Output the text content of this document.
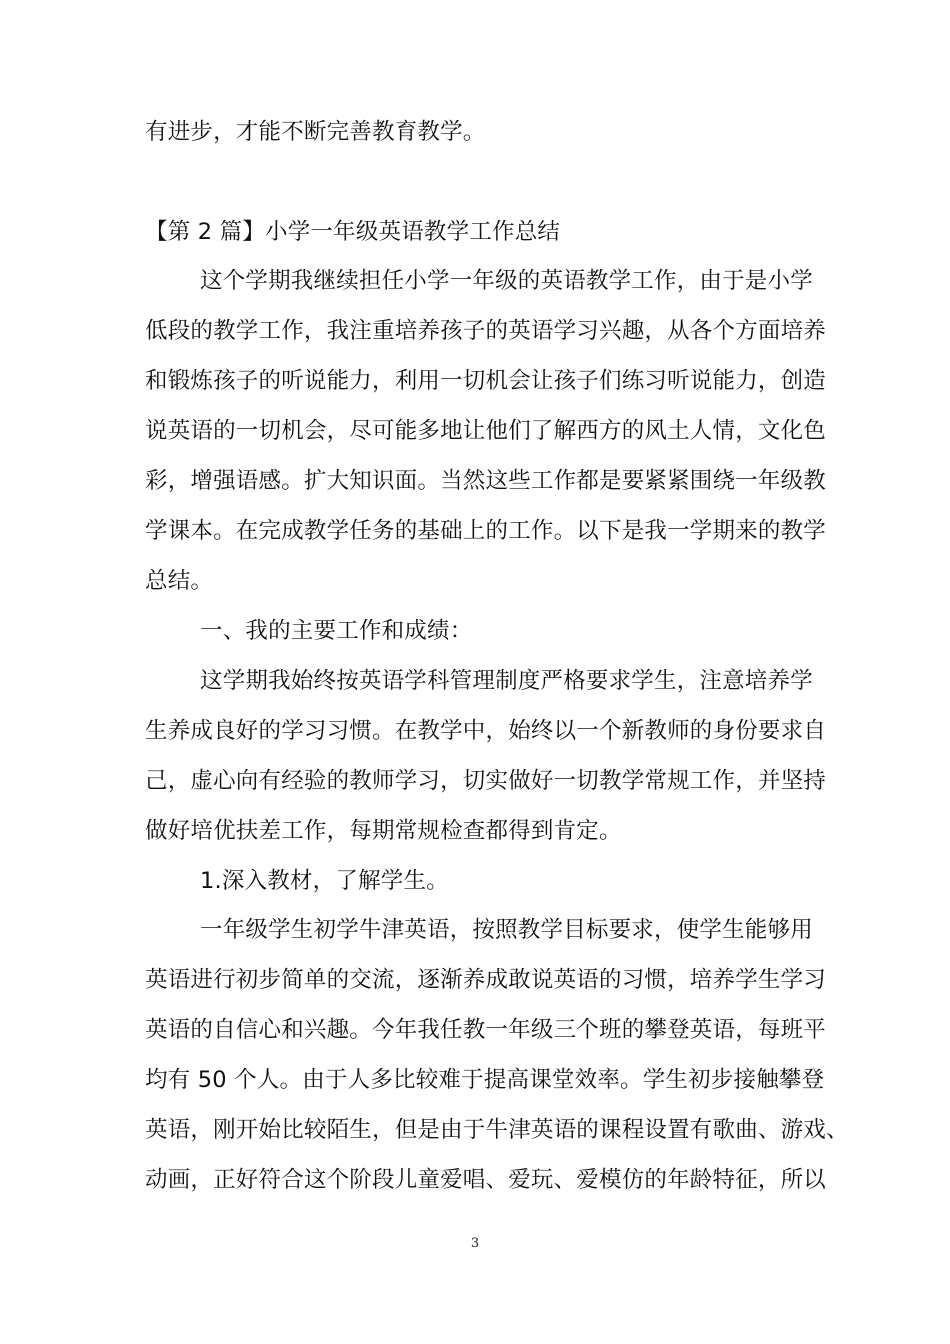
有进步，才能不断完善教育教学。
【第 2 篇】小学一年级英语教学工作总结
这个学期我继续担任小学一年级的英语教学工作，由于是小学
低段的教学工作，我注重培养孩子的英语学习兴趣，从各个方面培养
和锻炼孩子的听说能力，利用一切机会让孩子们练习听说能力，创造
说英语的一切机会，尽可能多地让他们了解西方的风土人情，文化色
彩，增强语感。扩大知识面。当然这些工作都是要紧紧围绕一年级教
学课本。在完成教学任务的基础上的工作。以下是我一学期来的教学
总结。
一、我的主要工作和成绩：
这学期我始终按英语学科管理制度严格要求学生，注意培养学
生养成良好的学习习惯。在教学中，始终以一个新教师的身份要求自
己，虚心向有经验的教师学习，切实做好一切教学常规工作，并坚持
做好培优扶差工作，每期常规检查都得到肯定。
1.深入教材，了解学生。
一年级学生初学牛津英语，按照教学目标要求，使学生能够用
英语进行初步简单的交流，逐渐养成敢说英语的习惯，培养学生学习
英语的自信心和兴趣。今年我任教一年级三个班的攀登英语，每班平
均有 50 个人。由于人多比较难于提高课堂效率。学生初步接触攀登
英语，刚开始比较陌生，但是由于牛津英语的课程设置有歌曲、游戏、
动画，正好符合这个阶段儿童爱唱、爱玩、爱模仿的年龄特征，所以
3
